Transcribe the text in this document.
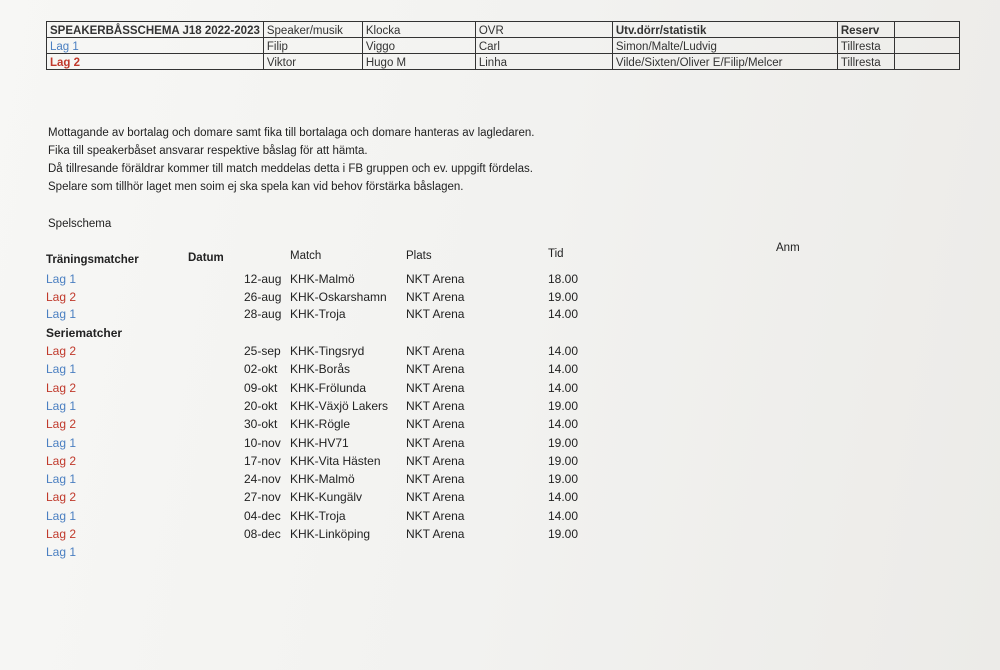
SPEAKERBÅSSCHEMA J18 2022-2023	Speaker/musik	Klocka	OVR	Utv.dörr/statistik	Reserv	
Lag 1	Filip	Viggo	Carl	Simon/Malte/Ludvig	Tillresta	
Lag 2	Viktor	Hugo M	Linha	Vilde/Sixten/Oliver E/Filip/Melcer	Tillresta	
Mottagande av bortalag och domare samt fika till bortalaga och domare hanteras av lagledaren.
Fika till speakerbåset ansvarar respektive båslag för att hämta.
Då tillresande föräldrar kommer till match meddelas detta i FB gruppen och ev. uppgift fördelas.
Spelare som tillhör laget men soim ej ska spela kan vid behov förstärka båslagen.
Spelschema
Träningsmatcher	Datum	Match	Plats	Tid	Anm
Lag 1	12-aug KHK-Malmö	NKT Arena	18.00
Lag 2	26-aug KHK-Oskarshamn NKT Arena	19.00
Lag 1	28-aug KHK-Troja	NKT Arena	14.00
Seriematcher
Lag 2	25-sep KHK-Tingsryd	NKT Arena	14.00
Lag 1	02-okt KHK-Borås	NKT Arena	14.00
Lag 2	09-okt KHK-Frölunda	NKT Arena	14.00
Lag 1	20-okt KHK-Växjö Lakers NKT Arena	19.00
Lag 2	30-okt KHK-Rögle	NKT Arena	14.00
Lag 1	10-nov KHK-HV71	NKT Arena	19.00
Lag 2	17-nov KHK-Vita Hästen NKT Arena	19.00
Lag 1	24-nov KHK-Malmö	NKT Arena	19.00
Lag 2	27-nov KHK-Kungälv	NKT Arena	14.00
Lag 1	04-dec KHK-Troja	NKT Arena	14.00
Lag 2	08-dec KHK-Linköping	NKT Arena	19.00
Lag 1
